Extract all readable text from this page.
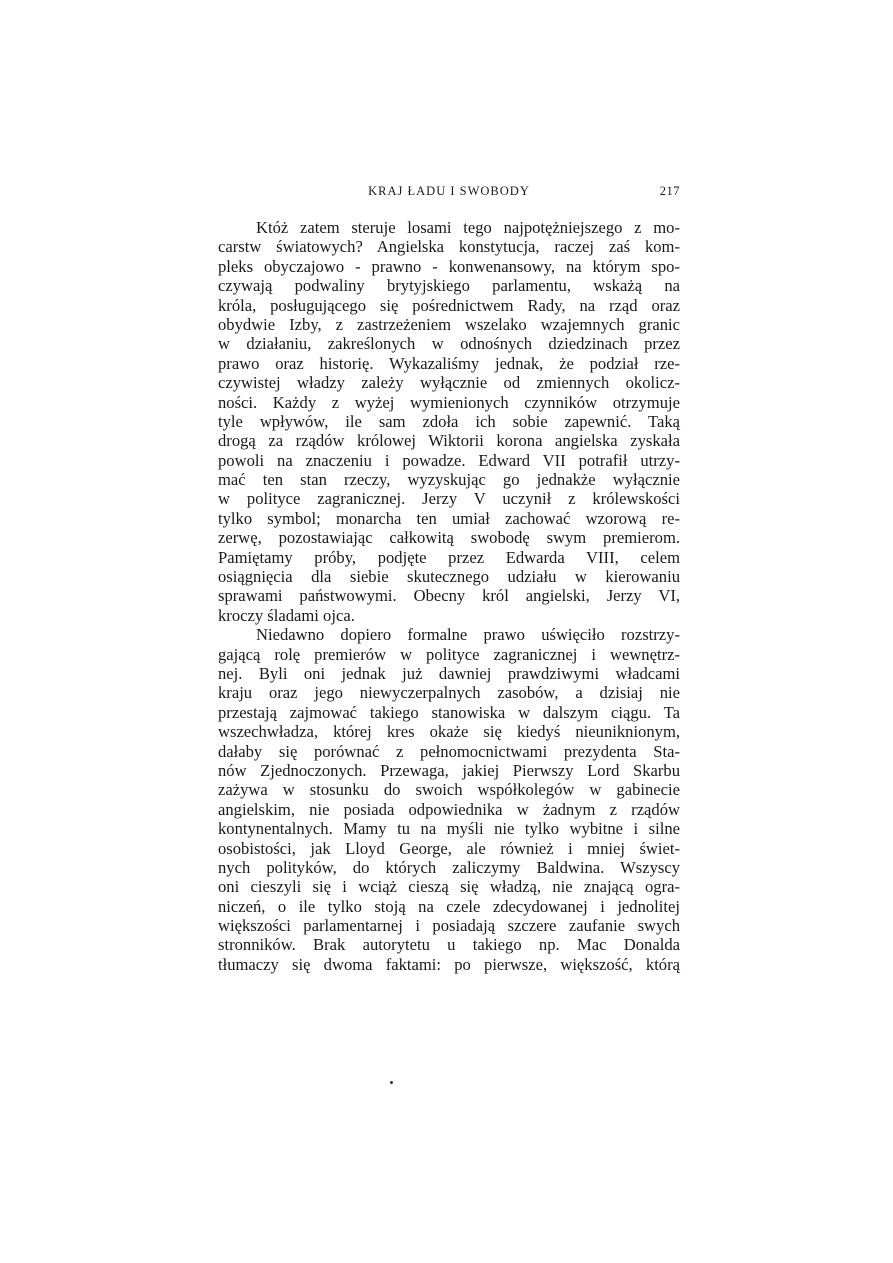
KRAJ ŁADU I SWOBODY	217
Któż zatem steruje losami tego najpotężniejszego z mo-
carstw światowych? Angielska konstytucja, raczej zaś kom-
pleks obyczajowo - prawno - konwenansowy, na którym spo-
czywają podwaliny brytyjskiego parlamentu, wskażą na
króla, posługującego się pośrednictwem Rady, na rząd oraz
obydwie Izby, z zastrzeżeniem wszelako wzajemnych granic
w działaniu, zakreślonych w odnośnych dziedzinach przez
prawo oraz historię. Wykazaliśmy jednak, że podział rze-
czywistej władzy zależy wyłącznie od zmiennych okolicz-
ności. Każdy z wyżej wymienionych czynników otrzymuje
tyle wpływów, ile sam zdoła ich sobie zapewnić. Taką
drogą za rządów królowej Wiktorii korona angielska zyskała
powoli na znaczeniu i powadze. Edward VII potrafił utrzy-
mać ten stan rzeczy, wyzyskując go jednakże wyłącznie
w polityce zagranicznej. Jerzy V uczynił z królewskości
tylko symbol; monarcha ten umiał zachować wzorową re-
zerwę, pozostawiając całkowitą swobodę swym premierom.
Pamiętamy próby, podjęte przez Edwarda VIII, celem
osiągnięcia dla siebie skutecznego udziału w kierowaniu
sprawami państwowymi. Obecny król angielski, Jerzy VI,
kroczy śladami ojca.
Niedawno dopiero formalne prawo uświęciło rozstrzy-
gającą rolę premierów w polityce zagranicznej i wewnętrz-
nej. Byli oni jednak już dawniej prawdziwymi władcami
kraju oraz jego niewyczerpalnych zasobów, a dzisiaj nie
przestają zajmować takiego stanowiska w dalszym ciągu. Ta
wszechwładza, której kres okaże się kiedyś nieuniknionym,
dałaby się porównać z pełnomocnictwami prezydenta Sta-
nów Zjednoczonych. Przewaga, jakiej Pierwszy Lord Skarbu
zażywa w stosunku do swoich współkolegów w gabinecie
angielskim, nie posiada odpowiednika w żadnym z rządów
kontynentalnych. Mamy tu na myśli nie tylko wybitne i silne
osobistości, jak Lloyd George, ale również i mniej świet-
nych polityków, do których zaliczymy Baldwina. Wszyscy
oni cieszyli się i wciąż cieszą się władzą, nie znającą ogra-
niczeń, o ile tylko stoją na czele zdecydowanej i jednolitej
większości parlamentarnej i posiadają szczere zaufanie swych
stronników. Brak autorytetu u takiego np. Mac Donalda
tłumaczy się dwoma faktami: po pierwsze, większość, którą
